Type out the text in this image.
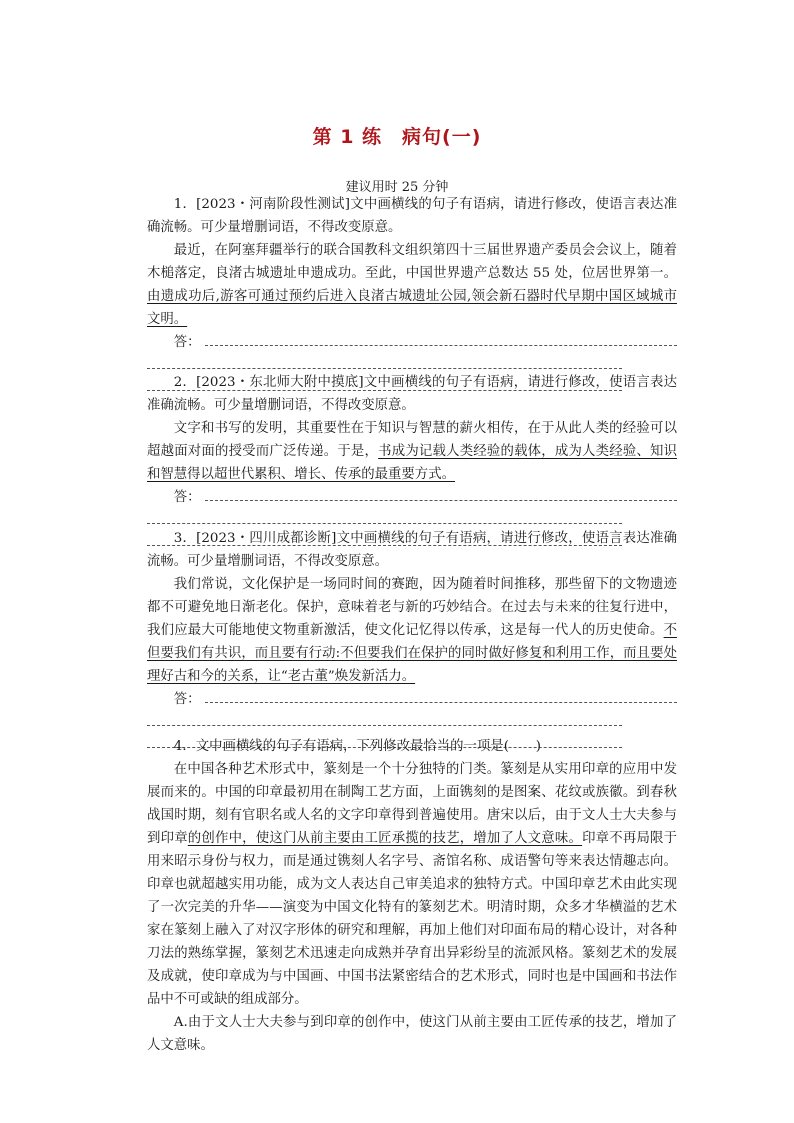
第 1 练　病句(一)
建议用时 25 分钟

1．[2023・河南阶段性测试]文中画横线的句子有语病，请进行修改，使语言表达准确流畅。可少量增删词语，不得改变原意。

最近，在阿塞拜疆举行的联合国教科文组织第四十三届世界遗产委员会会议上，随着木槌落定，良渚古城遗址申遗成功。至此，中国世界遗产总数达 55 处，位居世界第一。由遗成功后,游客可通过预约后进入良渚古城遗址公园,领会新石器时代早期中国区域城市文明。

答：

2．[2023・东北师大附中摸底]文中画横线的句子有语病，请进行修改，使语言表达准确流畅。可少量增删词语，不得改变原意。

文字和书写的发明，其重要性在于知识与智慧的薪火相传，在于从此人类的经验可以超越面对面的授受而广泛传递。于是，书成为记载人类经验的载体，成为人类经验、知识和智慧得以超世代累积、增长、传承的最重要方式。

答：

3．[2023・四川成都诊断]文中画横线的句子有语病，请进行修改，使语言表达准确流畅。可少量增删词语，不得改变原意。

我们常说，文化保护是一场同时间的赛跑，因为随着时间推移，那些留下的文物遗迹都不可避免地日渐老化。保护，意味着老与新的巧妙结合。在过去与未来的往复行进中，我们应最大可能地使文物重新激活，使文化记忆得以传承，这是每一代人的历史使命。不但要我们有共识，而且要有行动:不但要我们在保护的同时做好修复和利用工作，而且要处理好古和今的关系，让“老古董”焕发新活力。

答：

4．文中画横线的句子有语病，下列修改最恰当的一项是(　　)

在中国各种艺术形式中，篆刻是一个十分独特的门类。篆刻是从实用印章的应用中发展而来的。中国的印章最初用在制陶工艺方面，上面镌刻的是图案、花纹或族徽。到春秋战国时期，刻有官职名或人名的文字印章得到普遍使用。唐宋以后，由于文人士大夫参与到印章的创作中，使这门从前主要由工匠承揽的技艺，增加了人文意味。印章不再局限于用来昭示身份与权力，而是通过镌刻人名字号、斋馆名称、成语警句等来表达情趣志向。印章也就超越实用功能，成为文人表达自己审美追求的独特方式。中国印章艺术由此实现了一次完美的升华——演变为中国文化特有的篆刻艺术。明清时期，众多才华横溢的艺术家在篆刻上融入了对汉字形体的研究和理解，再加上他们对印面布局的精心设计，对各种刀法的熟练掌握，篆刻艺术迅速走向成熟并孕育出异彩纷呈的流派风格。篆刻艺术的发展及成就，使印章成为与中国画、中国书法紧密结合的艺术形式，同时也是中国画和书法作品中不可或缺的组成部分。

A.由于文人士大夫参与到印章的创作中，使这门从前主要由工匠传承的技艺，增加了人文意味。
